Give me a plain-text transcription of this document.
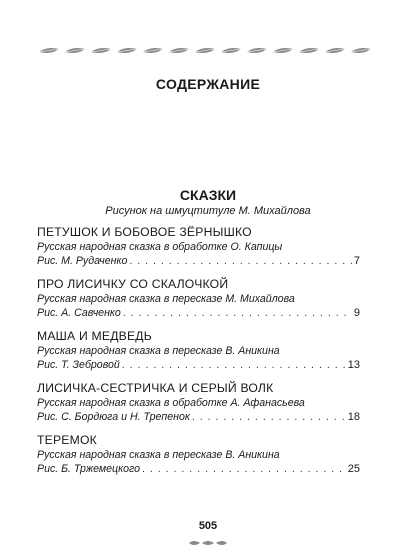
СОДЕРЖАНИЕ
СКАЗКИ
Рисунок на шмуцтитуле М. Михайлова
ПЕТУШОК И БОБОВОЕ ЗЁРНЫШКО
Русская народная сказка в обработке О. Капицы
Рис. М. Рудаченко . . .	7
ПРО ЛИСИЧКУ СО СКАЛОЧКОЙ
Русская народная сказка в пересказе М. Михайлова
Рис. А. Савченко . . .	9
МАША И МЕДВЕДЬ
Русская народная сказка в пересказе В. Аникина
Рис. Т. Зебровой . . .	13
ЛИСИЧКА-СЕСТРИЧКА И СЕРЫЙ ВОЛК
Русская народная сказка в обработке А. Афанасьева
Рис. С. Бордюга и Н. Трепенок . . .	18
ТЕРЕМОК
Русская народная сказка в пересказе В. Аникина
Рис. Б. Тржемецкого . . .	25
505
